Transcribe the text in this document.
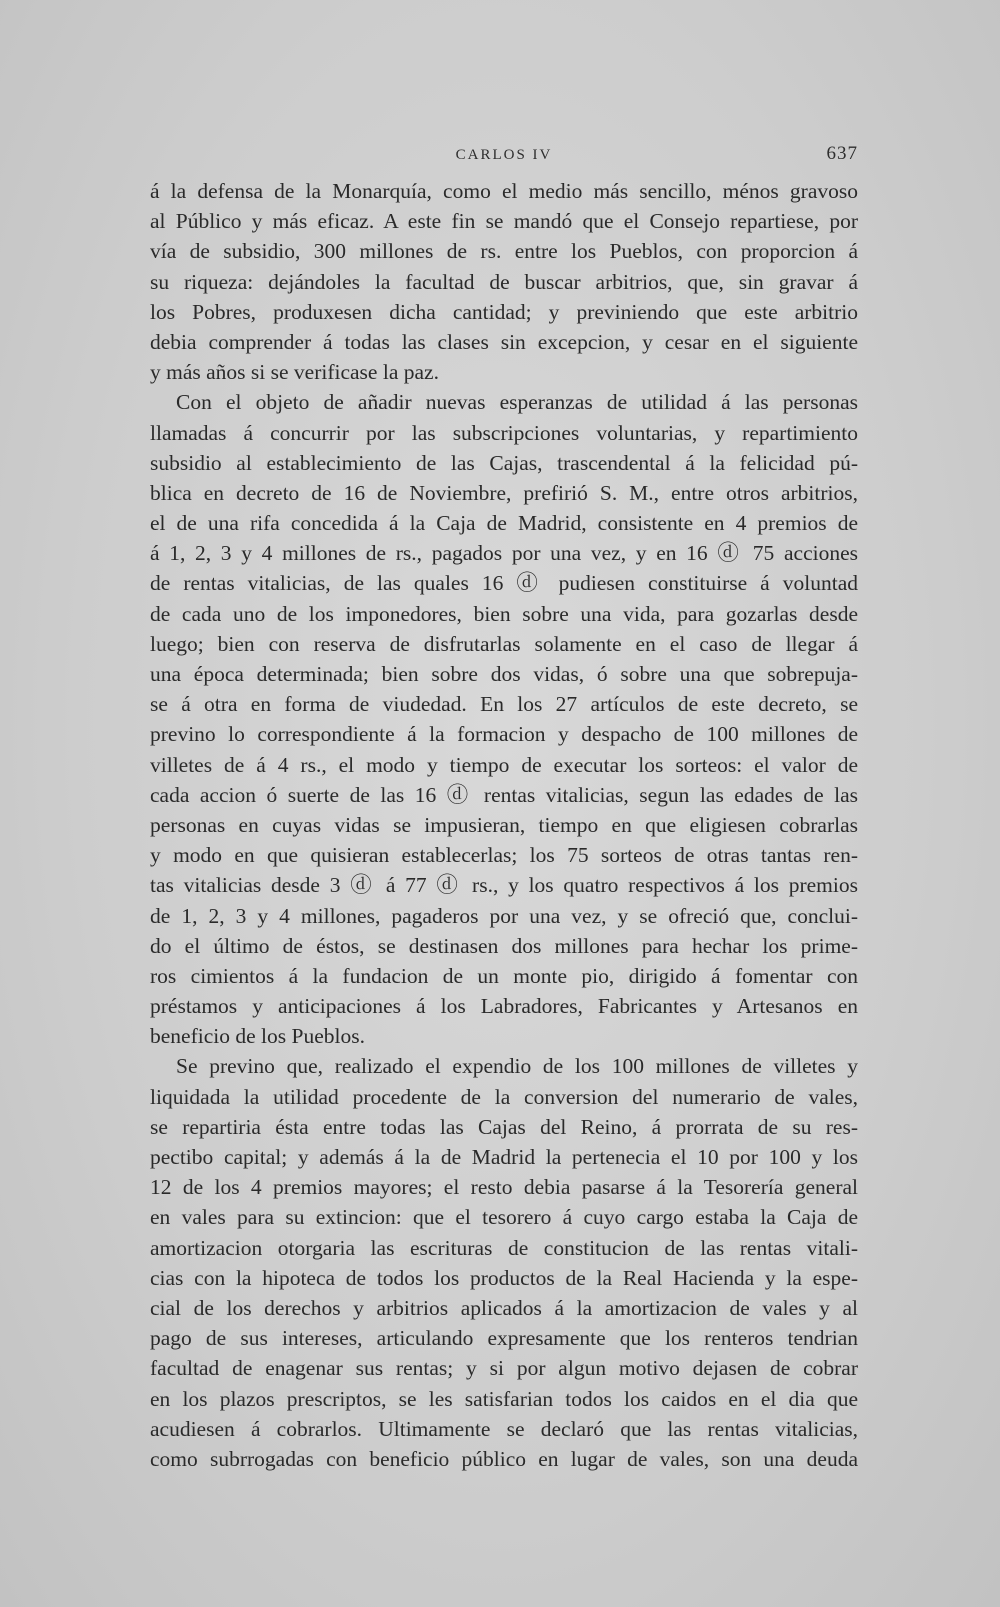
CARLOS IV	637
á la defensa de la Monarquía, como el medio más sencillo, ménos gravoso
al Público y más eficaz. A este fin se mandó que el Consejo repartiese, por
vía de subsidio, 300 millones de rs. entre los Pueblos, con proporcion á
su riqueza: dejándoles la facultad de buscar arbitrios, que, sin gravar á
los Pobres, produxesen dicha cantidad; y previniendo que este arbitrio
debia comprender á todas las clases sin excepcion, y cesar en el siguiente
y más años si se verificase la paz.
Con el objeto de añadir nuevas esperanzas de utilidad á las personas
llamadas á concurrir por las subscripciones voluntarias, y repartimiento
subsidio al establecimiento de las Cajas, trascendental á la felicidad pú-
blica en decreto de 16 de Noviembre, prefirió S. M., entre otros arbitrios,
el de una rifa concedida á la Caja de Madrid, consistente en 4 premios de
á 1, 2, 3 y 4 millones de rs., pagados por una vez, y en 16 ⓓ 75 acciones
de rentas vitalicias, de las quales 16 ⓓ pudiesen constituirse á voluntad
de cada uno de los imponedores, bien sobre una vida, para gozarlas desde
luego; bien con reserva de disfrutarlas solamente en el caso de llegar á
una época determinada; bien sobre dos vidas, ó sobre una que sobrepuja-
se á otra en forma de viudedad. En los 27 artículos de este decreto, se
previno lo correspondiente á la formacion y despacho de 100 millones de
villetes de á 4 rs., el modo y tiempo de executar los sorteos: el valor de
cada accion ó suerte de las 16 ⓓ rentas vitalicias, segun las edades de las
personas en cuyas vidas se impusieran, tiempo en que eligiesen cobrarlas
y modo en que quisieran establecerlas; los 75 sorteos de otras tantas ren-
tas vitalicias desde 3 ⓓ á 77 ⓓ rs., y los quatro respectivos á los premios
de 1, 2, 3 y 4 millones, pagaderos por una vez, y se ofreció que, conclui-
do el último de éstos, se destinasen dos millones para hechar los prime-
ros cimientos á la fundacion de un monte pio, dirigido á fomentar con
préstamos y anticipaciones á los Labradores, Fabricantes y Artesanos en
beneficio de los Pueblos.
Se previno que, realizado el expendio de los 100 millones de villetes y
liquidada la utilidad procedente de la conversion del numerario de vales,
se repartiria ésta entre todas las Cajas del Reino, á prorrata de su res-
pectibo capital; y además á la de Madrid la pertenecia el 10 por 100 y los
12 de los 4 premios mayores; el resto debia pasarse á la Tesorería general
en vales para su extincion: que el tesorero á cuyo cargo estaba la Caja de
amortizacion otorgaria las escrituras de constitucion de las rentas vitali-
cias con la hipoteca de todos los productos de la Real Hacienda y la espe-
cial de los derechos y arbitrios aplicados á la amortizacion de vales y al
pago de sus intereses, articulando expresamente que los renteros tendrian
facultad de enagenar sus rentas; y si por algun motivo dejasen de cobrar
en los plazos prescriptos, se les satisfarian todos los caidos en el dia que
acudiesen á cobrarlos. Ultimamente se declaró que las rentas vitalicias,
como subrrogadas con beneficio público en lugar de vales, son una deuda
